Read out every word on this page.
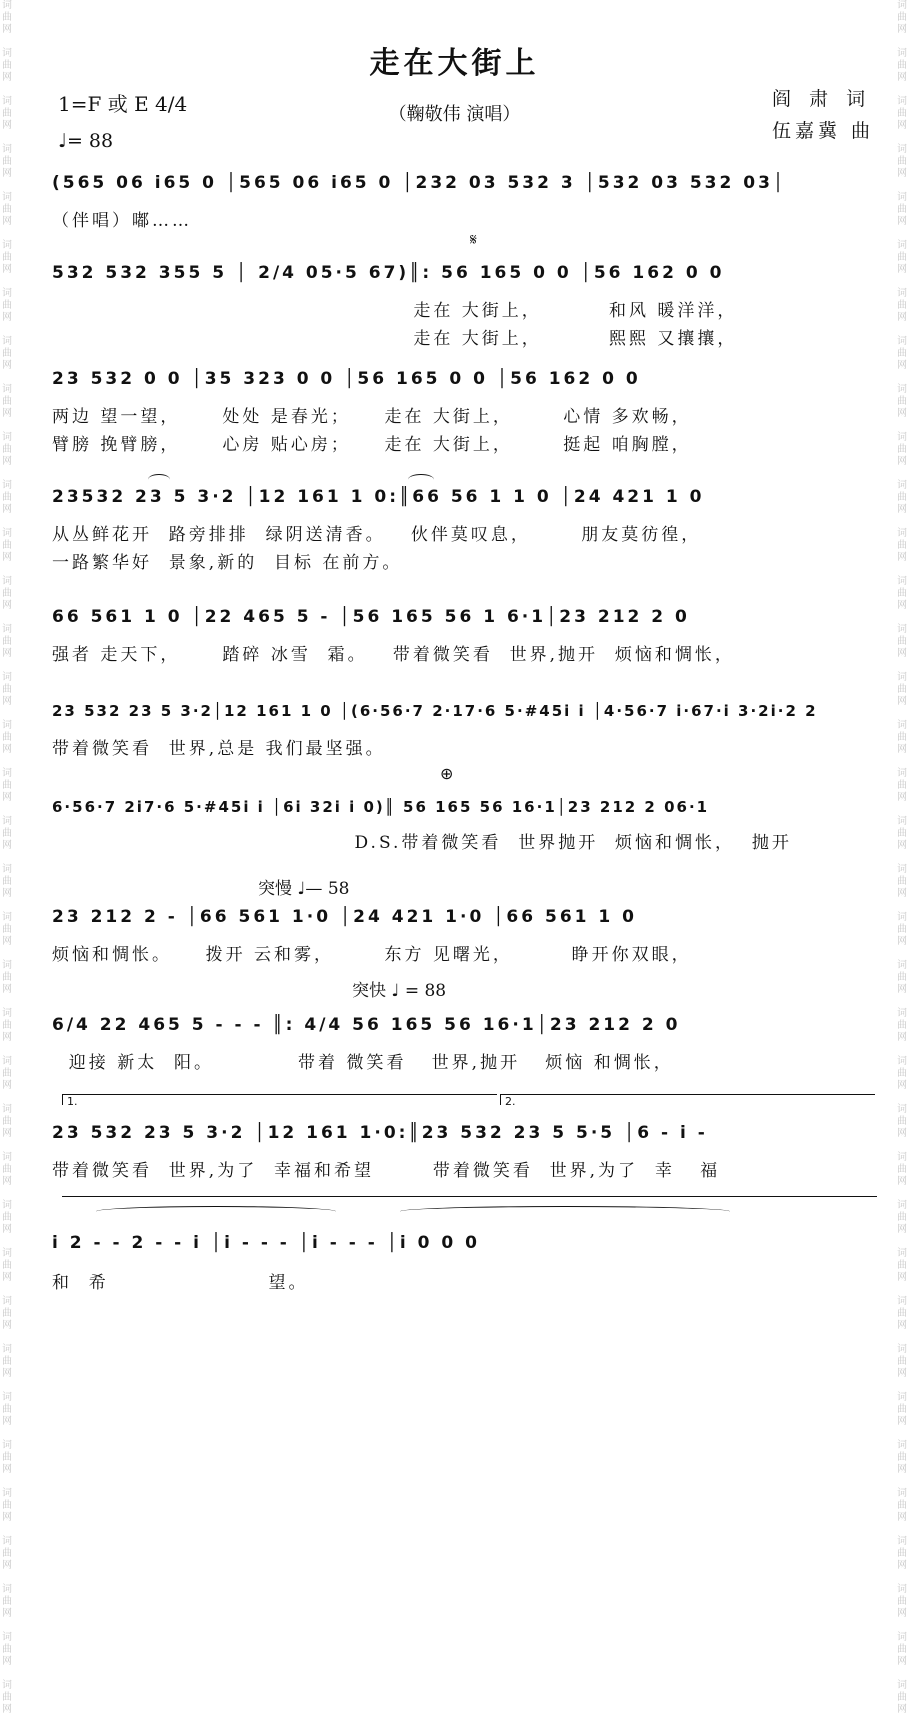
词
曲
网

词
曲
网

词
曲
网

词
曲
网

词
曲
网

词
曲
网

词
曲
网

词
曲
网

词
曲
网

词
曲
网

词
曲
网

词
曲
网

词
曲
网

词
曲
网

词
曲
网

词
曲
网

词
曲
网

词
曲
网

词
曲
网

词
曲
网

词
曲
网

词
曲
网

词
曲
网

词
曲
网

词
曲
网

词
曲
网

词
曲
网

词
曲
网

词
曲
网

词
曲
网

词
曲
网

词
曲
网

词
曲
网

词
曲
网

词
曲
网

词
曲
网

词
曲
网

词
曲
网

词
曲
网

词
曲
网

词
曲
网

词
曲
网

词
曲
网

词
曲
网

词
曲
网

词
曲
网

词
曲
网

词
曲
网

词
曲
网

词
曲
网

词
曲
网

词
曲
网

词
曲
网

词
曲
网

词
曲
网

词
曲
网

词
曲
网

词
曲
网

词
曲
网

词
曲
网

词
曲
网

词
曲
网

词
曲
网

词
曲
网

词
曲
网

词
曲
网

词
曲
网

词
曲
网

词
曲
网

词
曲
网

词
曲
网

词
曲
网

走在大街上
（鞠敬伟 演唱）
1=F 或 E 4/4
♩= 88
阎 肃 词
伍嘉冀 曲
(565 06 i65 0 │565 06 i65 0 │232 03 532 3 │532 03 532 03│
（伴唱）嘟……
𝄋
532 532 355 5 │ 2/4 05·5 67)║: 56 165 0 0 │56 162 0 0
走在 大街上，        和风 暖洋洋，
走在 大街上，        熙熙 又攘攘，
23 532 0 0 │35 323 0 0 │56 165 0 0 │56 162 0 0
两边 望一望，     处处 是春光；    走在 大街上，      心情 多欢畅，
臂膀 挽臂膀，     心房 贴心房；    走在 大街上，      挺起 咱胸膛，
23532 23 5 3·2 │12 161 1 0:║66 56 1 1 0 │24 421 1 0
从丛鲜花开  路旁排排  绿阴送清香。   伙伴莫叹息，      朋友莫彷徨，
一路繁华好  景象,新的  目标 在前方。
66 561 1 0 │22 465 5 - │56 165 56 1 6·1│23 212 2 0
强者 走天下，     踏碎 冰雪  霜。   带着微笑看  世界,抛开  烦恼和惆怅，
23 532 23 5 3·2│12 161 1 0 │(6·56·7 2·17·6 5·#45i i │4·56·7 i·67·i 3·2i·2 2
带着微笑看  世界,总是 我们最坚强。
⊕
6·56·7 2i7·6 5·#45i i │6i 32i i 0)║ 56 165 56 16·1│23 212 2 06·1
D.S.带着微笑看  世界抛开  烦恼和惆怅，  抛开
突慢 ♩— 58
23 212 2 - │66 561 1·0 │24 421 1·0 │66 561 1 0
烦恼和惆怅。    拨开 云和雾，      东方 见曙光，       睁开你双眼，
突快 ♩ = 88
6/4 22 465 5 - - - ║: 4/4 56 165 56 16·1│23 212 2 0
迎接 新太  阳。          带着 微笑看   世界,抛开   烦恼 和惆怅，
1.	2.
23 532 23 5 3·2 │12 161 1·0:║23 532 23 5 5·5 │6 - i -
带着微笑看  世界,为了  幸福和希望       带着微笑看  世界,为了  幸   福
i 2 - - 2 - - i │i - - - │i - - - │i 0 0 0
和  希                   望。
